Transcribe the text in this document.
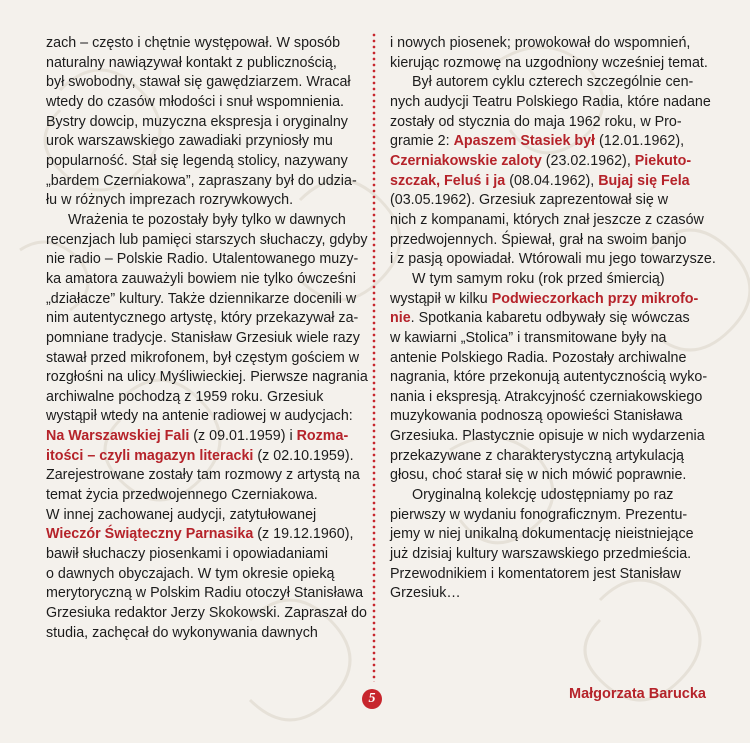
zach – często i chętnie występował. W sposób
naturalny nawiązywał kontakt z publicznością,
był swobodny, stawał się gawędziarzem. Wracał
wtedy do czasów młodości i snuł wspomnienia.
Bystry dowcip, muzyczna ekspresja i oryginalny
urok warszawskiego zawadiaki przyniosły mu
popularność. Stał się legendą stolicy, nazywany
„bardem Czerniakowa”, zapraszany był do udzia-
łu w różnych imprezach rozrywkowych.

Wrażenia te pozostały były tylko w dawnych
recenzjach lub pamięci starszych słuchaczy, gdyby
nie radio – Polskie Radio. Utalentowanego muzy-
ka amatora zauważyli bowiem nie tylko ówcześni
„działacze” kultury. Także dziennikarze docenili w
nim autentycznego artystę, który przekazywał za-
pomniane tradycje. Stanisław Grzesiuk wiele razy
stawał przed mikrofonem, był częstym gościem w
rozgłośni na ulicy Myśliwieckiej. Pierwsze nagrania
archiwalne pochodzą z 1959 roku. Grzesiuk
wystąpił wtedy na antenie radiowej w audycjach:
Na Warszawskiej Fali (z 09.01.1959) i Rozma-
itości – czyli magazyn literacki (z 02.10.1959).
Zarejestrowane zostały tam rozmowy z artystą na
temat życia przedwojennego Czerniakowa.
W innej zachowanej audycji, zatytułowanej
Wieczór Świąteczny Parnasika (z 19.12.1960),
bawił słuchaczy piosenkami i opowiadaniami
o dawnych obyczajach. W tym okresie opieką
merytoryczną w Polskim Radiu otoczył Stanisława
Grzesiuka redaktor Jerzy Skokowski. Zapraszał do
studia, zachęcał do wykonywania dawnych

i nowych piosenek; prowokował do wspomnień,
kierując rozmowę na uzgodniony wcześniej temat.

Był autorem cyklu czterech szczególnie cen-
nych audycji Teatru Polskiego Radia, które nadane
zostały od stycznia do maja 1962 roku, w Pro-
gramie 2: Apaszem Stasiek był (12.01.1962),
Czerniakowskie zaloty (23.02.1962), Piekuto-
szczak, Feluś i ja (08.04.1962), Bujaj się Fela
(03.05.1962). Grzesiuk zaprezentował się w
nich z kompanami, których znał jeszcze z czasów
przedwojennych. Śpiewał, grał na swoim banjo
i z pasją opowiadał. Wtórowali mu jego towarzysze.

W tym samym roku (rok przed śmiercią)
wystąpił w kilku Podwieczorkach przy mikrofo-
nie. Spotkania kabaretu odbywały się wówczas
w kawiarni „Stolica” i transmitowane były na
antenie Polskiego Radia. Pozostały archiwalne
nagrania, które przekonują autentycznością wyko-
nania i ekspresją. Atrakcyjność czerniakowskiego
muzykowania podnoszą opowieści Stanisława
Grzesiuka. Plastycznie opisuje w nich wydarzenia
przekazywane z charakterystyczną artykulacją
głosu, choć starał się w nich mówić poprawnie.

Oryginalną kolekcję udostępniamy po raz
pierwszy w wydaniu fonograficznym. Prezentu-
jemy w niej unikalną dokumentację nieistniejące
już dzisiaj kultury warszawskiego przedmieścia.
Przewodnikiem i komentatorem jest Stanisław
Grzesiuk…

5	Małgorzata Barucka
